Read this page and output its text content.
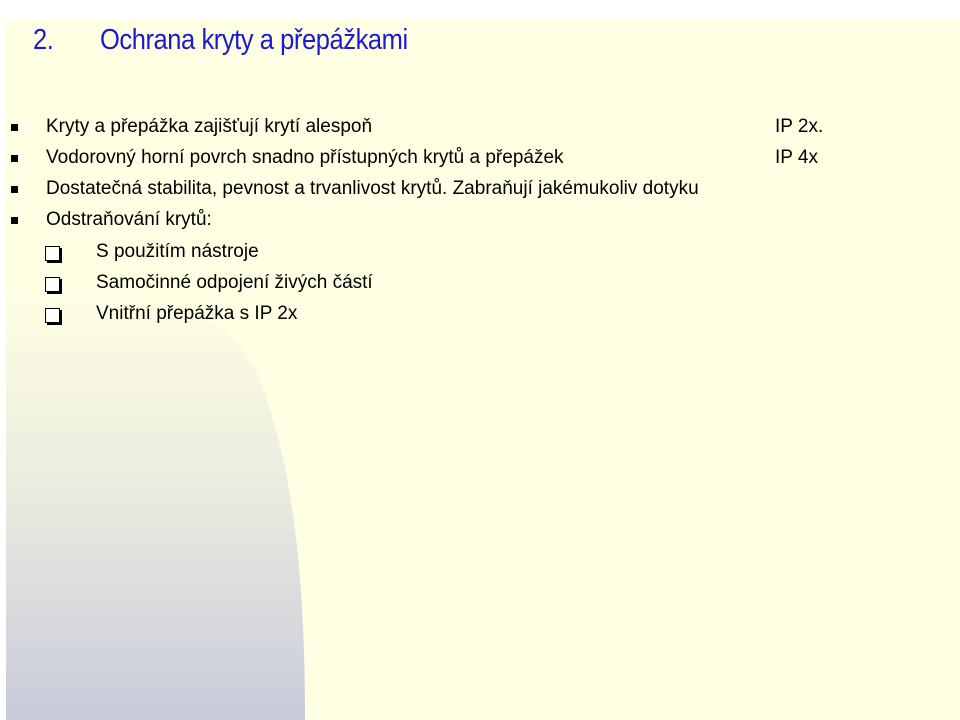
2. Ochrana kryty a přepážkami
Kryty a přepážka zajišťují krytí alespoň	IP 2x.
Vodorovný horní povrch snadno přístupných krytů a přepážek	IP 4x
Dostatečná stabilita, pevnost a trvanlivost krytů. Zabraňují jakémukoliv dotyku
Odstraňování krytů:
S použitím nástroje
Samočinné odpojení živých částí
Vnitřní přepážka s IP 2x
